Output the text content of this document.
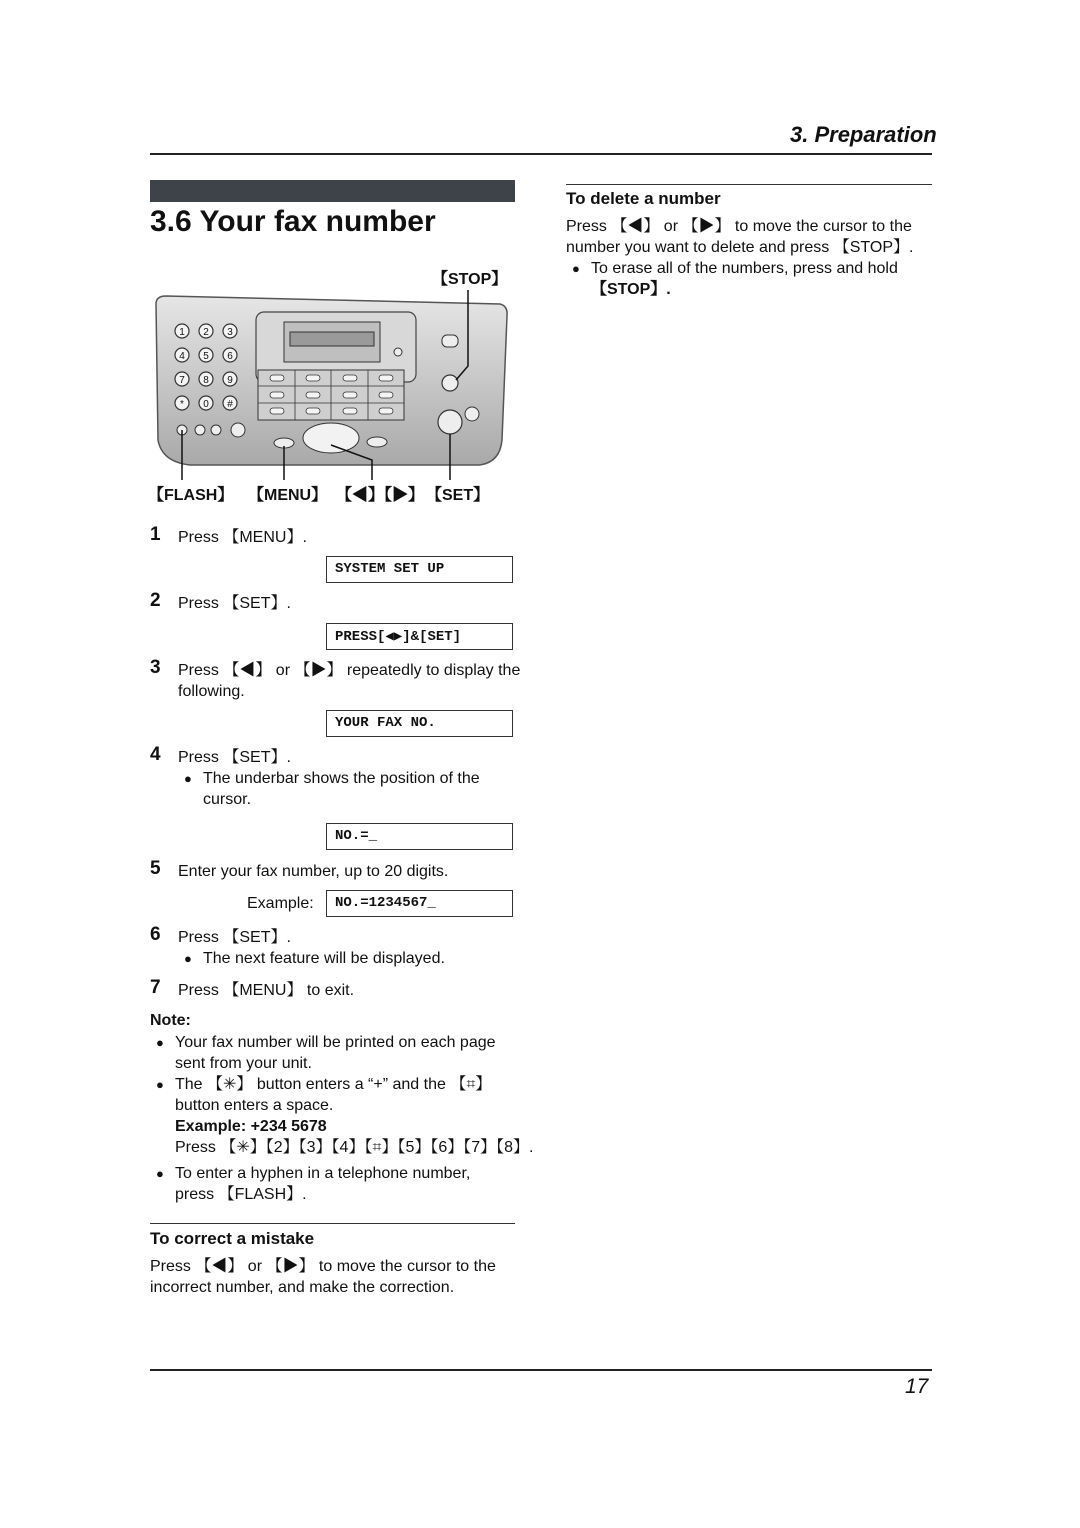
3. Preparation
3.6 Your fax number
【STOP】
【FLASH】 【MENU】 【◀】【▶】 【SET】
1 2 3
4 5 6
7 8 9
* 0 #
1 Press 【MENU】.
SYSTEM SET UP
2 Press 【SET】.
PRESS[◀▶]&[SET]
3 Press 【◀】 or 【▶】 repeatedly to display the
following.
YOUR FAX NO.
4 Press 【SET】.
● The underbar shows the position of the
cursor.
NO.=_
5 Enter your fax number, up to 20 digits.
Example:	NO.=1234567_
6 Press 【SET】.
● The next feature will be displayed.
7 Press 【MENU】 to exit.
Note:
● Your fax number will be printed on each page
sent from your unit.
● The 【✳】 button enters a “+” and the 【⌗】
button enters a space.
Example: +234 5678
Press 【✳】【2】【3】【4】【⌗】【5】【6】【7】【8】.
● To enter a hyphen in a telephone number,
press 【FLASH】.
To correct a mistake
Press 【◀】 or 【▶】 to move the cursor to the
incorrect number, and make the correction.
To delete a number
Press 【◀】 or 【▶】 to move the cursor to the
number you want to delete and press 【STOP】.
● To erase all of the numbers, press and hold
【STOP】.
17
